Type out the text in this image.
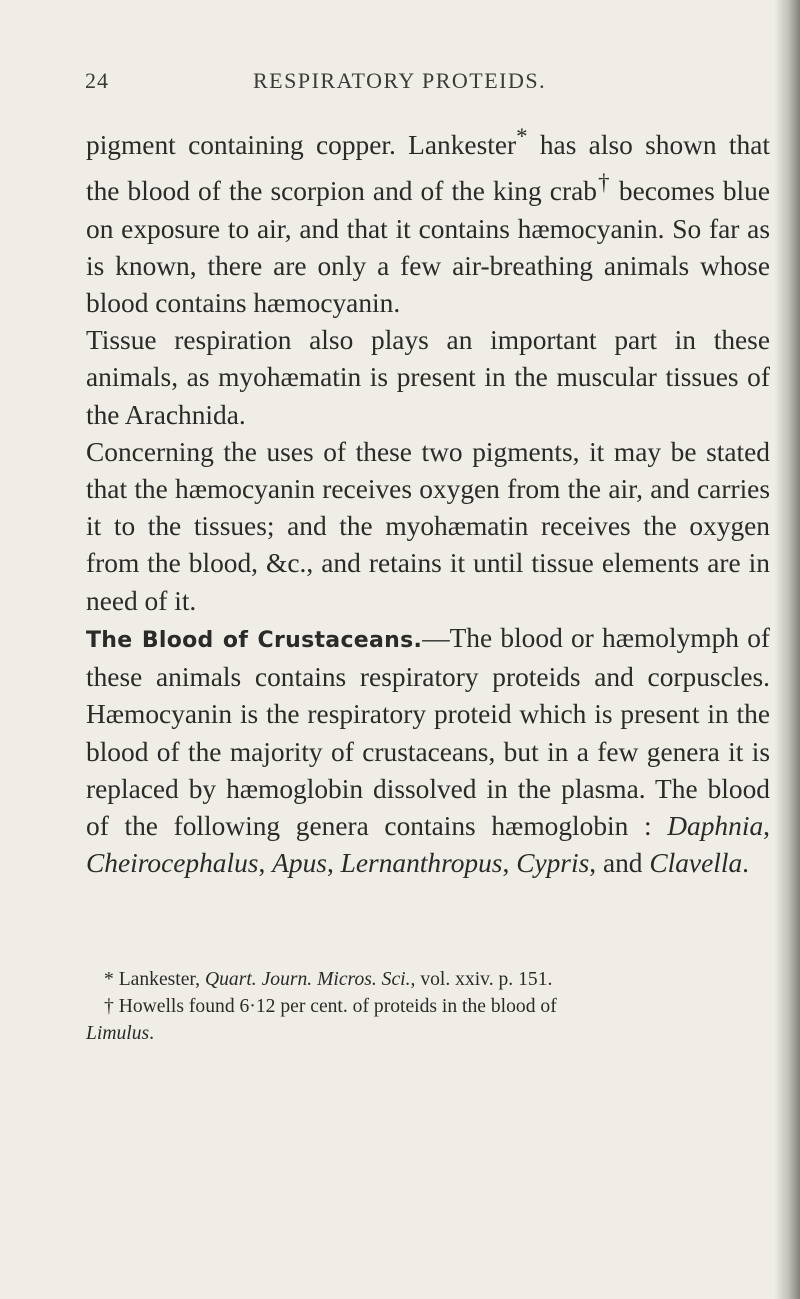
24	RESPIRATORY PROTEIDS.

pigment containing copper. Lankester* has also shown that the blood of the scorpion and of the king crab† becomes blue on exposure to air, and that it contains hæmocyanin. So far as is known, there are only a few air-breathing animals whose blood contains hæmocyanin.

Tissue respiration also plays an important part in these animals, as myohæmatin is present in the muscular tissues of the Arachnida.

Concerning the uses of these two pigments, it may be stated that the hæmocyanin receives oxygen from the air, and carries it to the tissues; and the myohæmatin receives the oxygen from the blood, &c., and retains it until tissue elements are in need of it.

The Blood of Crustaceans.—The blood or hæmolymph of these animals contains respiratory proteids and corpuscles. Hæmocyanin is the respiratory proteid which is present in the blood of the majority of crustaceans, but in a few genera it is replaced by hæmoglobin dissolved in the plasma. The blood of the following genera contains hæmoglobin : Daphnia, Cheirocephalus, Apus, Lernanthropus, Cypris, and Clavella.

* Lankester, Quart. Journ. Micros. Sci., vol. xxiv. p. 151.

† Howells found 6·12 per cent. of proteids in the blood of

Limulus.
